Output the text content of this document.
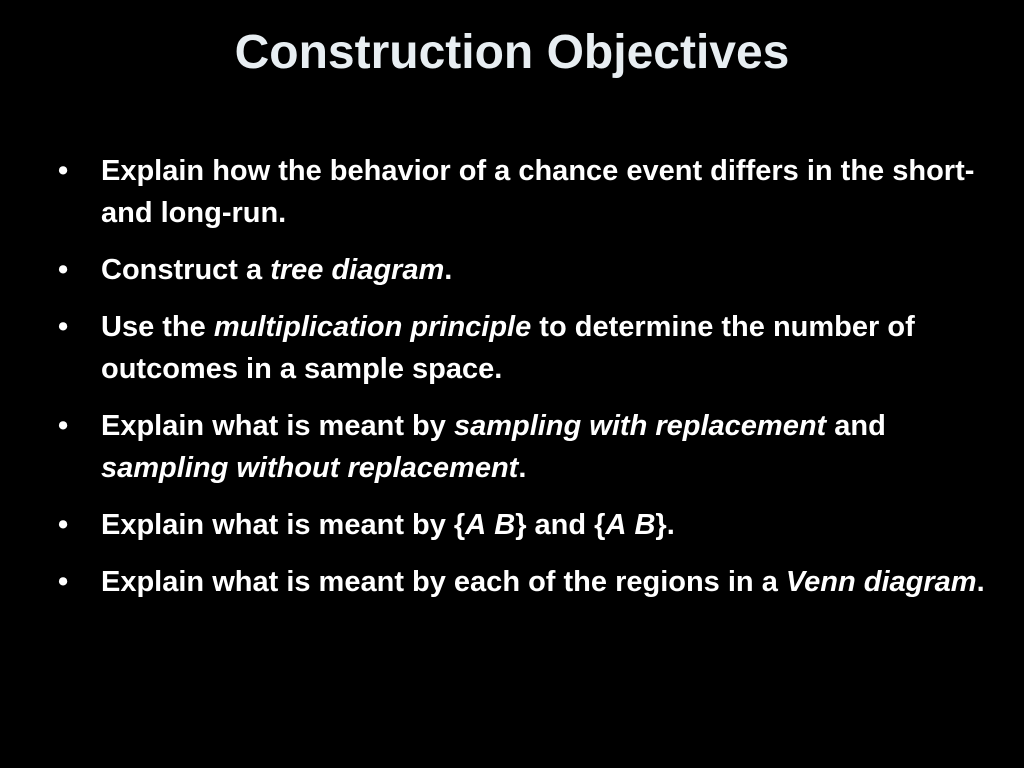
Construction Objectives
• Explain how the behavior of a chance event differs in the short- and long-run.
• Construct a tree diagram.
• Use the multiplication principle to determine the number of outcomes in a sample space.
• Explain what is meant by sampling with replacement and sampling without replacement.
• Explain what is meant by {A B} and {A B}.
• Explain what is meant by each of the regions in a Venn diagram.
